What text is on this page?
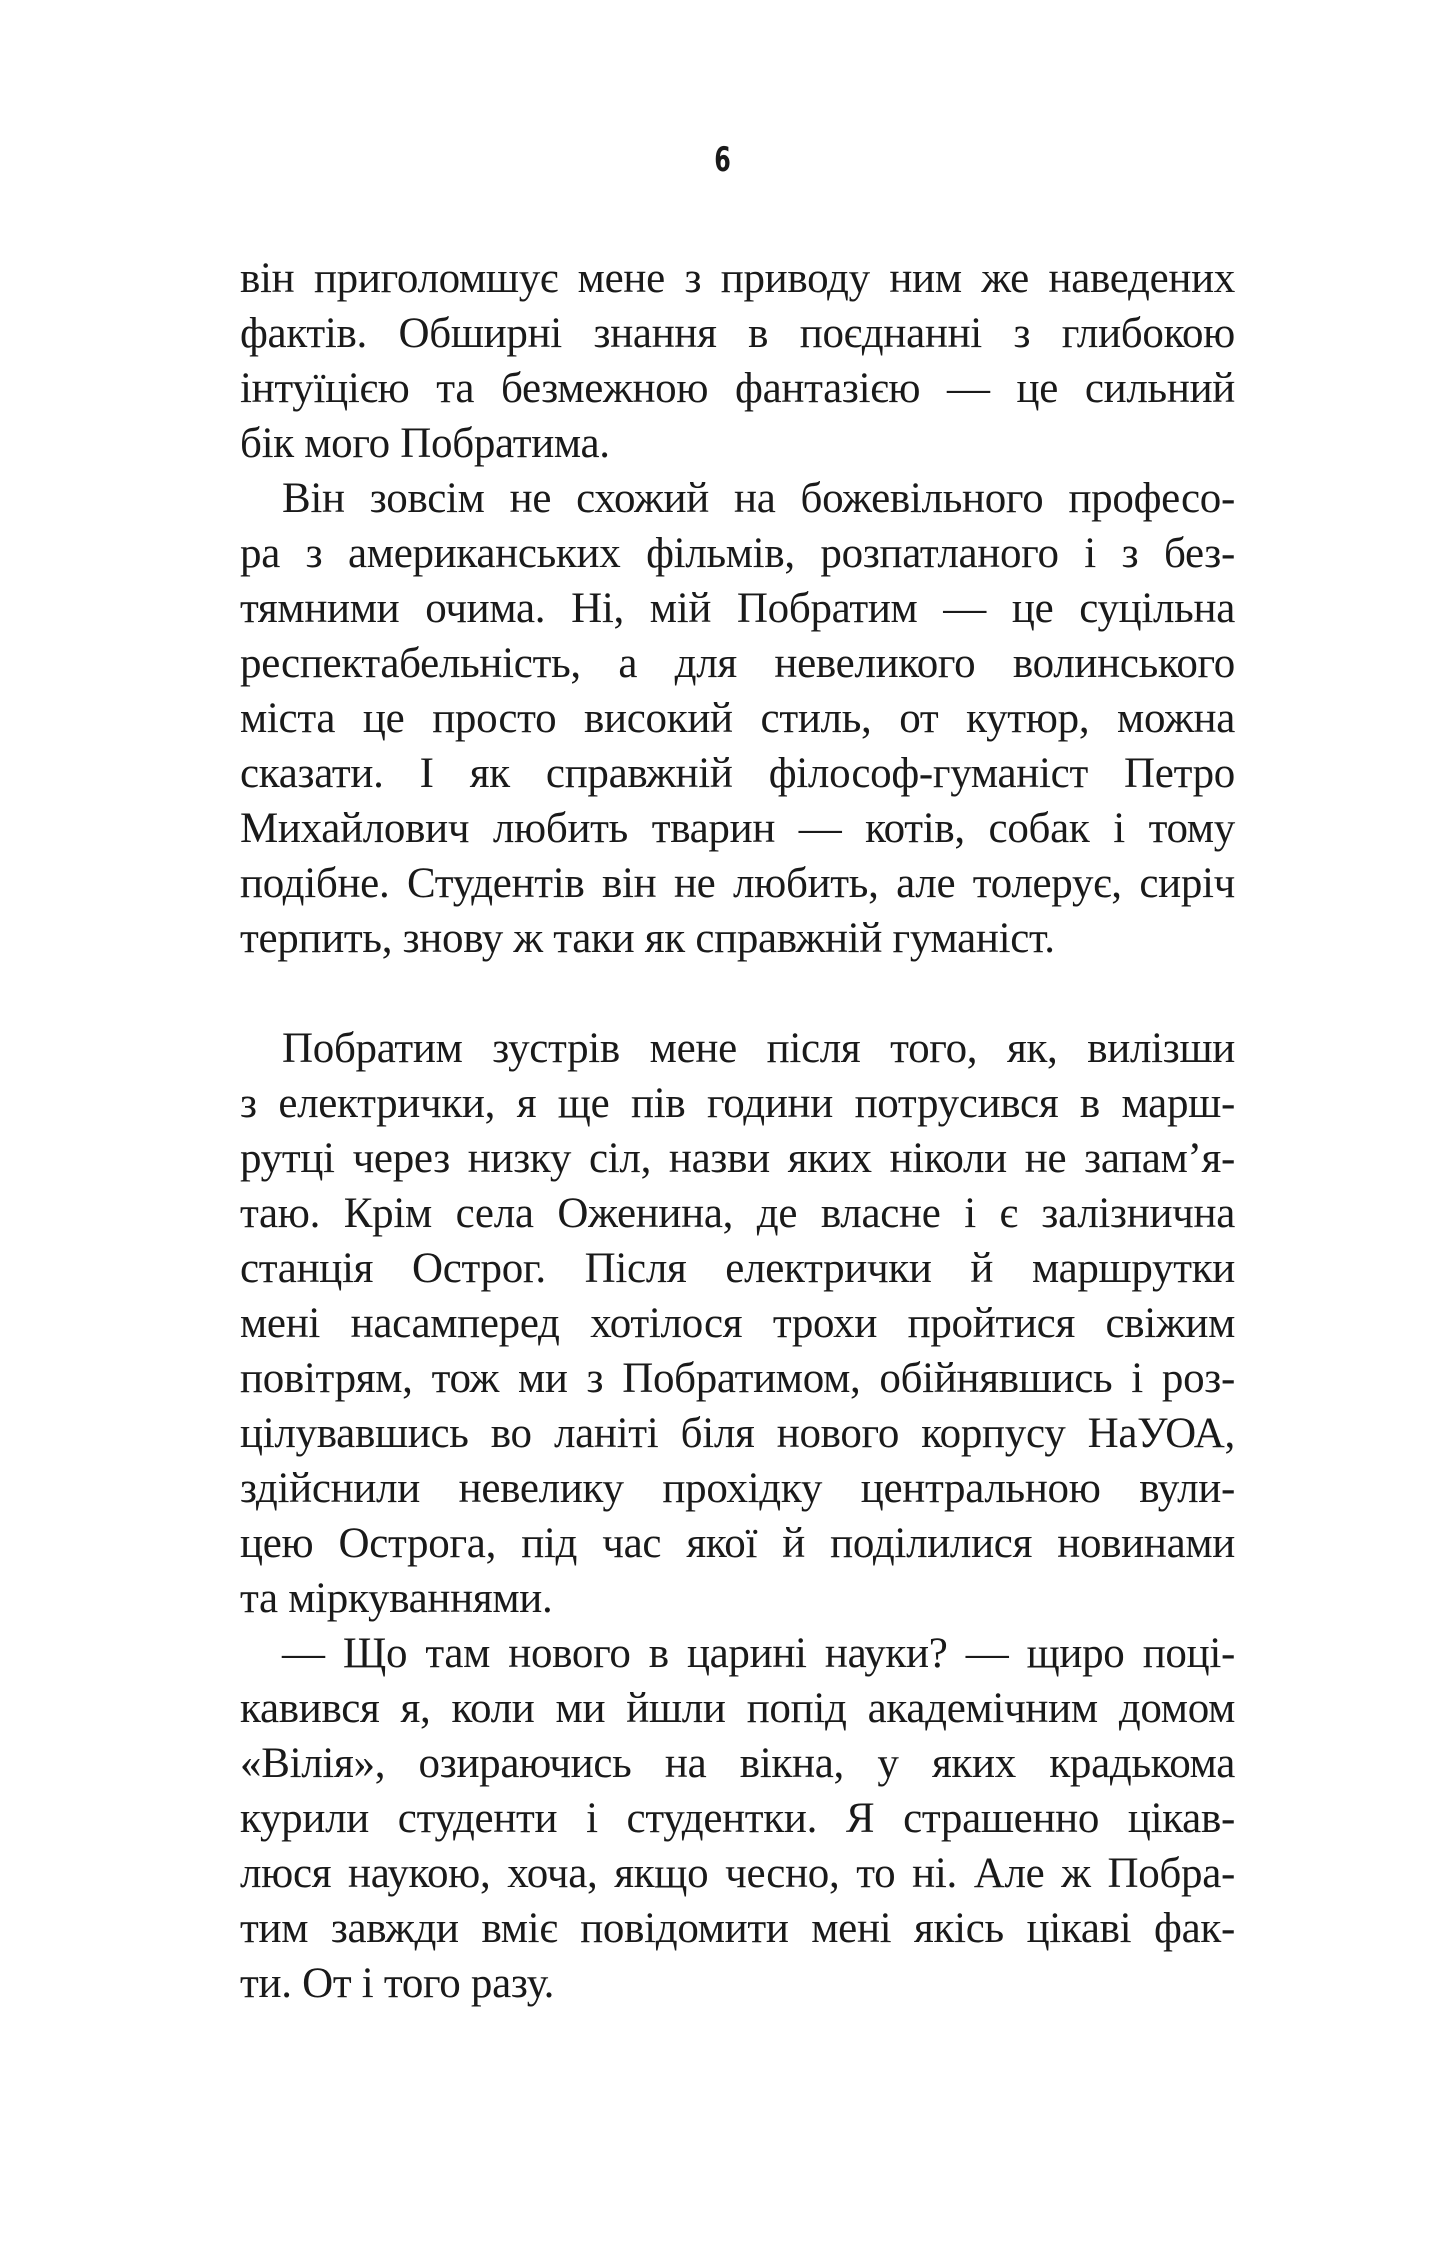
6
він приголомшує мене з приводу ним же наведених
фактів. Обширні знання в поєднанні з глибокою
інтуїцією та безмежною фантазією — це сильний
бік мого Побратима.
Він зовсім не схожий на божевільного професо-
ра з американських фільмів, розпатланого і з без-
тямними очима. Ні, мій Побратим — це суцільна
респектабельність, а для невеликого волинського
міста це просто високий стиль, от кутюр, можна
сказати. І як справжній філософ-гуманіст Петро
Михайлович любить тварин — котів, собак і тому
подібне. Студентів він не любить, але толерує, сиріч
терпить, знову ж таки як справжній гуманіст.
Побратим зустрів мене після того, як, вилізши
з електрички, я ще пів години потрусився в марш-
рутці через низку сіл, назви яких ніколи не запам’я-
таю. Крім села Оженина, де власне і є залізнична
станція Острог. Після електрички й маршрутки
мені насамперед хотілося трохи пройтися свіжим
повітрям, тож ми з Побратимом, обійнявшись і роз-
цілувавшись во ланіті біля нового корпусу НаУОА,
здійснили невелику прохідку центральною вули-
цею Острога, під час якої й поділилися новинами
та міркуваннями.
— Що там нового в царині науки? — щиро поці-
кавився я, коли ми йшли попід академічним домом
«Вілія», озираючись на вікна, у яких крадькома
курили студенти і студентки. Я страшенно цікав-
люся наукою, хоча, якщо чесно, то ні. Але ж Побра-
тим завжди вміє повідомити мені якісь цікаві фак-
ти. От і того разу.
